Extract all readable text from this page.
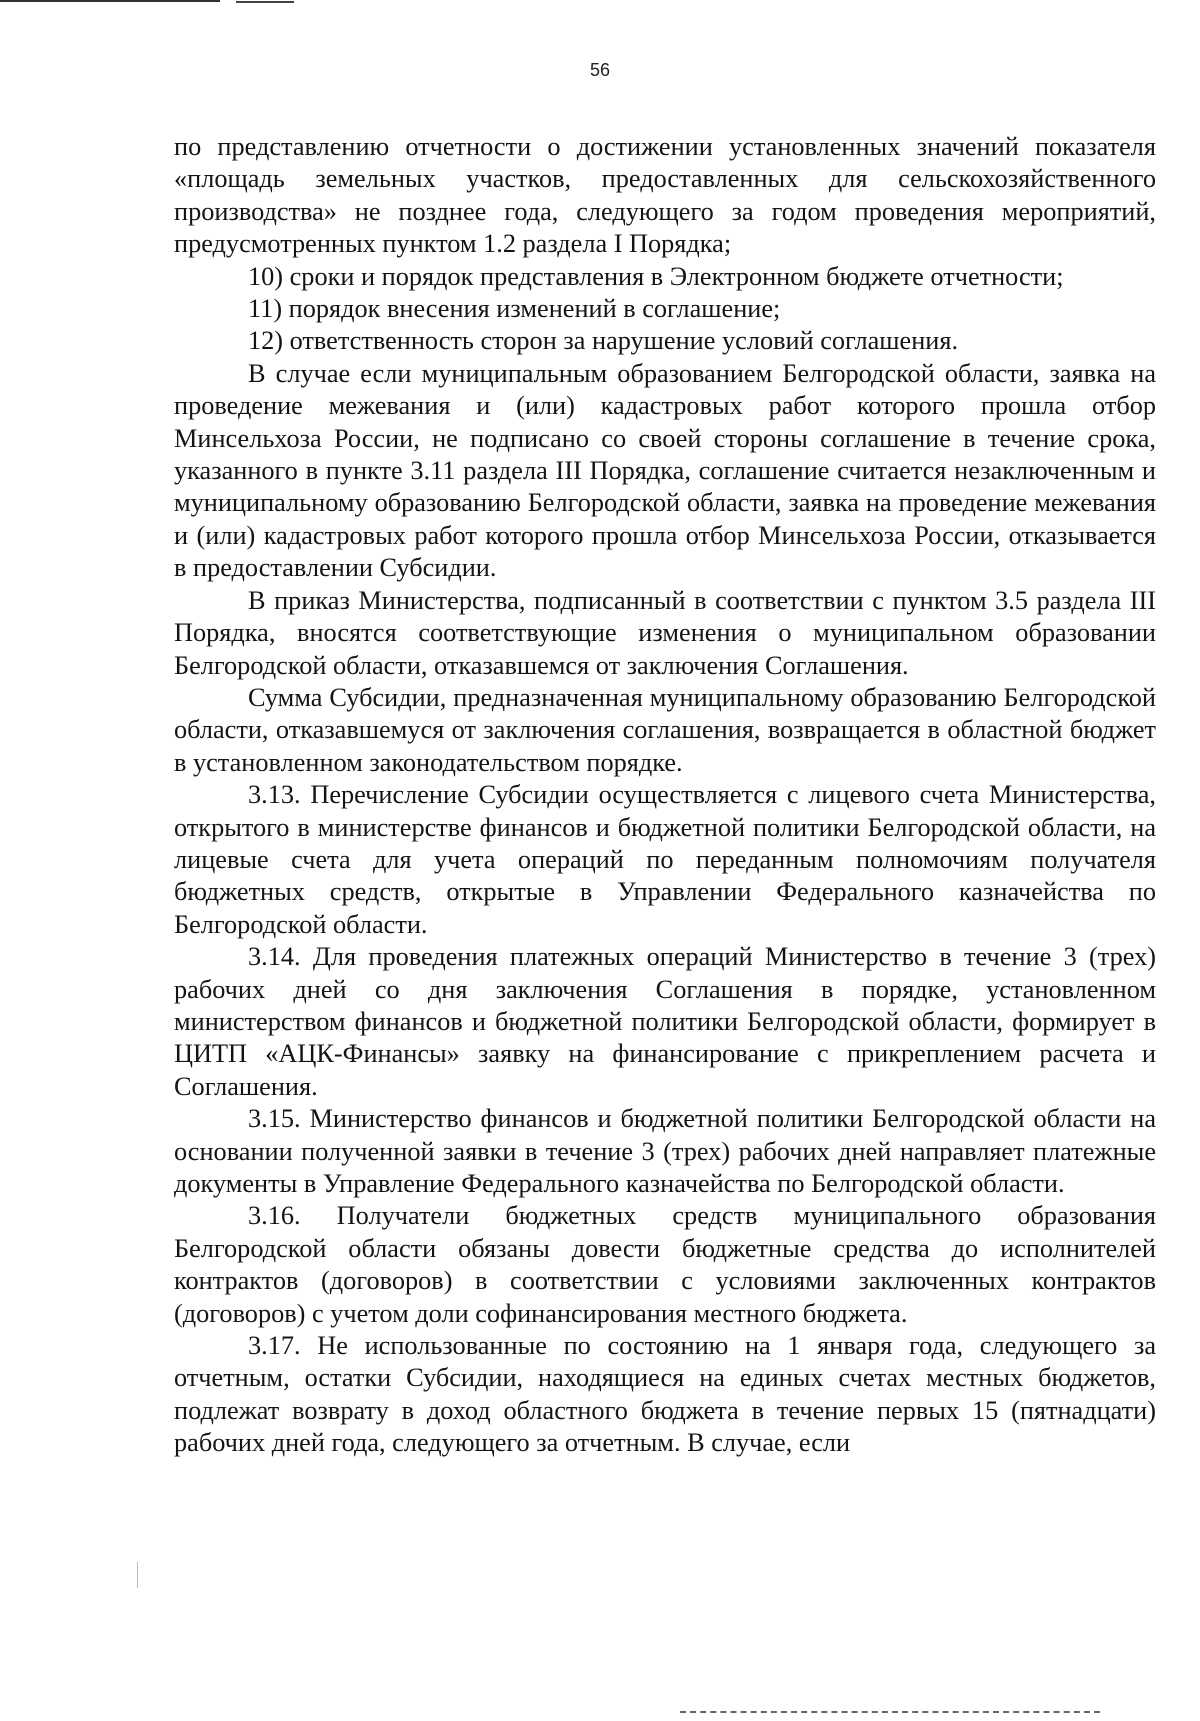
56

по представлению отчетности о достижении установленных значений показателя «площадь земельных участков, предоставленных для сельскохозяйственного производства» не позднее года, следующего за годом проведения мероприятий, предусмотренных пунктом 1.2 раздела I Порядка;

10) сроки и порядок представления в Электронном бюджете отчетности;

11) порядок внесения изменений в соглашение;

12) ответственность сторон за нарушение условий соглашения.

В случае если муниципальным образованием Белгородской области, заявка на проведение межевания и (или) кадастровых работ которого прошла отбор Минсельхоза России, не подписано со своей стороны соглашение в течение срока, указанного в пункте 3.11 раздела III Порядка, соглашение считается незаключенным и муниципальному образованию Белгородской области, заявка на проведение межевания и (или) кадастровых работ которого прошла отбор Минсельхоза России, отказывается в предоставлении Субсидии.

В приказ Министерства, подписанный в соответствии с пунктом 3.5 раздела III Порядка, вносятся соответствующие изменения о муниципальном образовании Белгородской области, отказавшемся от заключения Соглашения.

Сумма Субсидии, предназначенная муниципальному образованию Белгородской области, отказавшемуся от заключения соглашения, возвращается в областной бюджет в установленном законодательством порядке.

3.13. Перечисление Субсидии осуществляется с лицевого счета Министерства, открытого в министерстве финансов и бюджетной политики Белгородской области, на лицевые счета для учета операций по переданным полномочиям получателя бюджетных средств, открытые в Управлении Федерального казначейства по Белгородской области.

3.14. Для проведения платежных операций Министерство в течение 3 (трех) рабочих дней со дня заключения Соглашения в порядке, установленном министерством финансов и бюджетной политики Белгородской области, формирует в ЦИТП «АЦК-Финансы» заявку на финансирование с прикреплением расчета и Соглашения.

3.15. Министерство финансов и бюджетной политики Белгородской области на основании полученной заявки в течение 3 (трех) рабочих дней направляет платежные документы в Управление Федерального казначейства по Белгородской области.

3.16. Получатели бюджетных средств муниципального образования Белгородской области обязаны довести бюджетные средства до исполнителей контрактов (договоров) в соответствии с условиями заключенных контрактов (договоров) с учетом доли софинансирования местного бюджета.

3.17. Не использованные по состоянию на 1 января года, следующего за отчетным, остатки Субсидии, находящиеся на единых счетах местных бюджетов, подлежат возврату в доход областного бюджета в течение первых 15 (пятнадцати) рабочих дней года, следующего за отчетным. В случае, если
